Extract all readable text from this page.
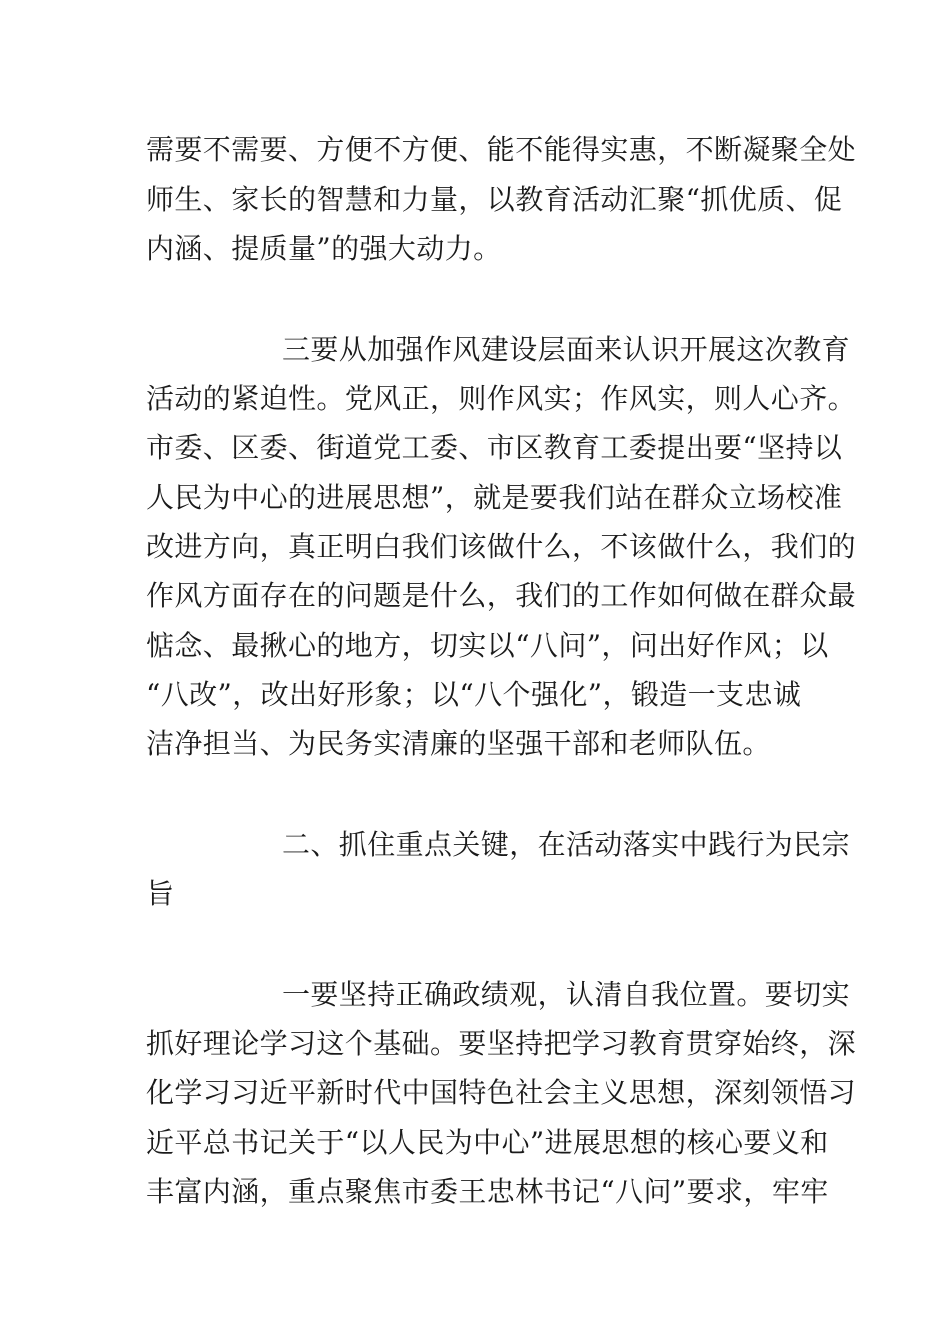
需要不需要、方便不方便、能不能得实惠，不断凝聚全处
师生、家长的智慧和力量，以教育活动汇聚“抓优质、促
内涵、提质量”的强大动力。
三要从加强作风建设层面来认识开展这次教育
活动的紧迫性。党风正，则作风实；作风实，则人心齐。
市委、区委、街道党工委、市区教育工委提出要“坚持以
人民为中心的进展思想”，就是要我们站在群众立场校准
改进方向，真正明白我们该做什么，不该做什么，我们的
作风方面存在的问题是什么，我们的工作如何做在群众最
惦念、最揪心的地方，切实以“八问”，问出好作风；以
“八改”，改出好形象；以“八个强化”，锻造一支忠诚
洁净担当、为民务实清廉的坚强干部和老师队伍。
二、抓住重点关键，在活动落实中践行为民宗
旨
一要坚持正确政绩观，认清自我位置。要切实
抓好理论学习这个基础。要坚持把学习教育贯穿始终，深
化学习习近平新时代中国特色社会主义思想，深刻领悟习
近平总书记关于“以人民为中心”进展思想的核心要义和
丰富内涵，重点聚焦市委王忠林书记“八问”要求，牢牢
